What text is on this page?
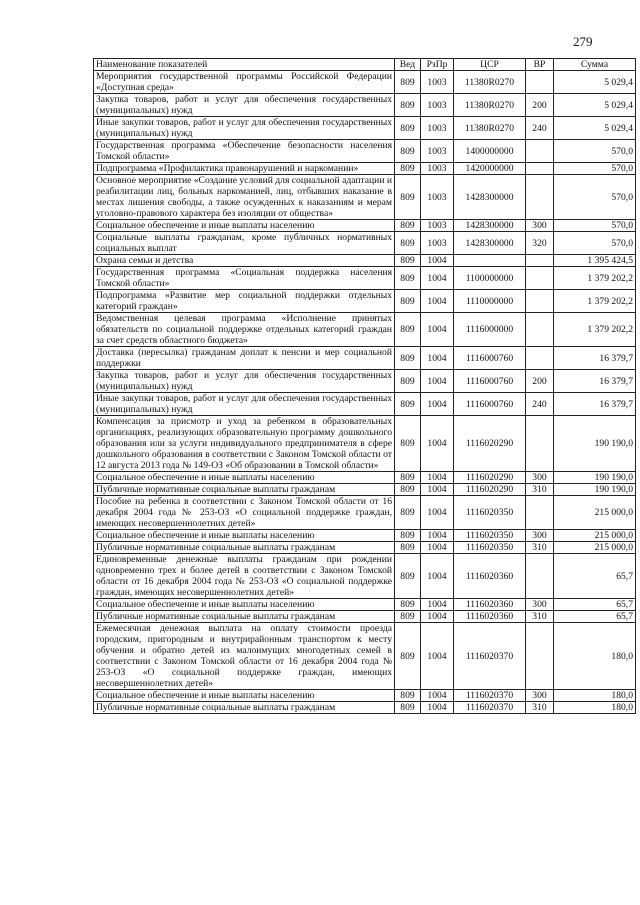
279
Наименование показателей	Вед	РзПр	ЦСР	ВР	Сумма
Мероприятия государственной программы Российской Федерации «Доступная среда»	809	1003	11380R0270		5 029,4
Закупка товаров, работ и услуг для обеспечения государственных (муниципальных) нужд	809	1003	11380R0270	200	5 029,4
Иные закупки товаров, работ и услуг для обеспечения государственных (муниципальных) нужд	809	1003	11380R0270	240	5 029,4
Государственная программа «Обеспечение безопасности населения Томской области»	809	1003	1400000000		570,0
Подпрограмма «Профилактика правонарушений и наркомании»	809	1003	1420000000		570,0
Основное мероприятие «Создание условий для социальной адаптации и реабилитации лиц, больных наркоманией, лиц, отбывших наказание в местах лишения свободы, а также осужденных к наказаниям и мерам уголовно-правового характера без изоляции от общества»	809	1003	1428300000		570,0
Социальное обеспечение и иные выплаты населению	809	1003	1428300000	300	570,0
Социальные выплаты гражданам, кроме публичных нормативных социальных выплат	809	1003	1428300000	320	570,0
Охрана семьи и детства	809	1004			1 395 424,5
Государственная программа «Социальная поддержка населения Томской области»	809	1004	1100000000		1 379 202,2
Подпрограмма «Развитие мер социальной поддержки отдельных категорий граждан»	809	1004	1110000000		1 379 202,2
Ведомственная целевая программа «Исполнение принятых обязательств по социальной поддержке отдельных категорий граждан за счет средств областного бюджета»	809	1004	1116000000		1 379 202,2
Доставка (пересылка) гражданам доплат к пенсии и мер социальной поддержки	809	1004	1116000760		16 379,7
Закупка товаров, работ и услуг для обеспечения государственных (муниципальных) нужд	809	1004	1116000760	200	16 379,7
Иные закупки товаров, работ и услуг для обеспечения государственных (муниципальных) нужд	809	1004	1116000760	240	16 379,7
Компенсация за присмотр и уход за ребенком в образовательных организациях, реализующих образовательную программу дошкольного образования или за услуги индивидуального предпринимателя в сфере дошкольного образования в соответствии с Законом Томской области от 12 августа 2013 года № 149-ОЗ «Об образовании в Томской области»	809	1004	1116020290		190 190,0
Социальное обеспечение и иные выплаты населению	809	1004	1116020290	300	190 190,0
Публичные нормативные социальные выплаты гражданам	809	1004	1116020290	310	190 190,0
Пособие на ребенка в соответствии с Законом Томской области от 16 декабря 2004 года № 253-ОЗ «О социальной поддержке граждан, имеющих несовершеннолетних детей»	809	1004	1116020350		215 000,0
Социальное обеспечение и иные выплаты населению	809	1004	1116020350	300	215 000,0
Публичные нормативные социальные выплаты гражданам	809	1004	1116020350	310	215 000,0
Единовременные денежные выплаты гражданам при рождении одновременно трех и более детей в соответствии с Законом Томской области от 16 декабря 2004 года № 253-ОЗ «О социальной поддержке граждан, имеющих несовершеннолетних детей»	809	1004	1116020360		65,7
Социальное обеспечение и иные выплаты населению	809	1004	1116020360	300	65,7
Публичные нормативные социальные выплаты гражданам	809	1004	1116020360	310	65,7
Ежемесячная денежная выплата на оплату стоимости проезда городским, пригородным и внутрирайонным транспортом к месту обучения и обратно детей из малоимущих многодетных семей в соответствии с Законом Томской области от 16 декабря 2004 года № 253-ОЗ «О социальной поддержке граждан, имеющих несовершеннолетних детей»	809	1004	1116020370		180,0
Социальное обеспечение и иные выплаты населению	809	1004	1116020370	300	180,0
Публичные нормативные социальные выплаты гражданам	809	1004	1116020370	310	180,0
